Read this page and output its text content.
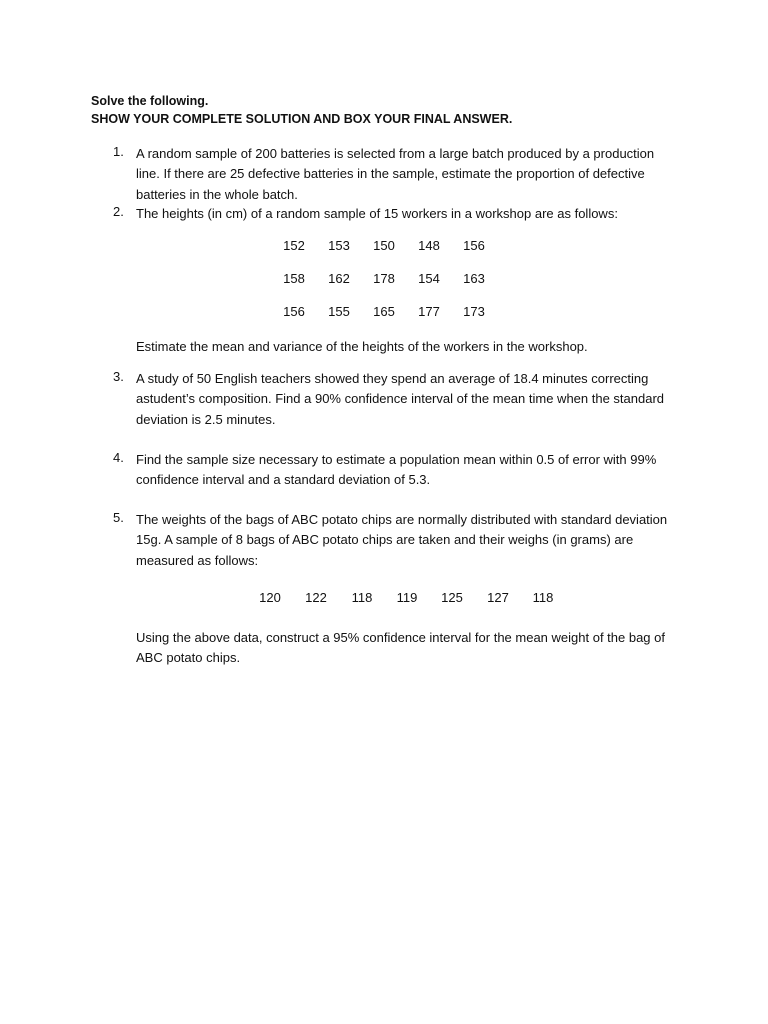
Solve the following.
SHOW YOUR COMPLETE SOLUTION AND BOX YOUR FINAL ANSWER.
1. A random sample of 200 batteries is selected from a large batch produced by a production line. If there are 25 defective batteries in the sample, estimate the proportion of defective batteries in the whole batch.
2. The heights (in cm) of a random sample of 15 workers in a workshop are as follows:
152	153	150	148	156
158	162	178	154	163
156	155	165	177	173
Estimate the mean and variance of the heights of the workers in the workshop.
3. A study of 50 English teachers showed they spend an average of 18.4 minutes correcting astudent’s composition. Find a 90% confidence interval of the mean time when the standard deviation is 2.5 minutes.
4. Find the sample size necessary to estimate a population mean within 0.5 of error with 99% confidence interval and a standard deviation of 5.3.
5. The weights of the bags of ABC potato chips are normally distributed with standard deviation 15g. A sample of 8 bags of ABC potato chips are taken and their weighs (in grams) are measured as follows:
120	122	118	119	125	127	118
Using the above data, construct a 95% confidence interval for the mean weight of the bag of ABC potato chips.
